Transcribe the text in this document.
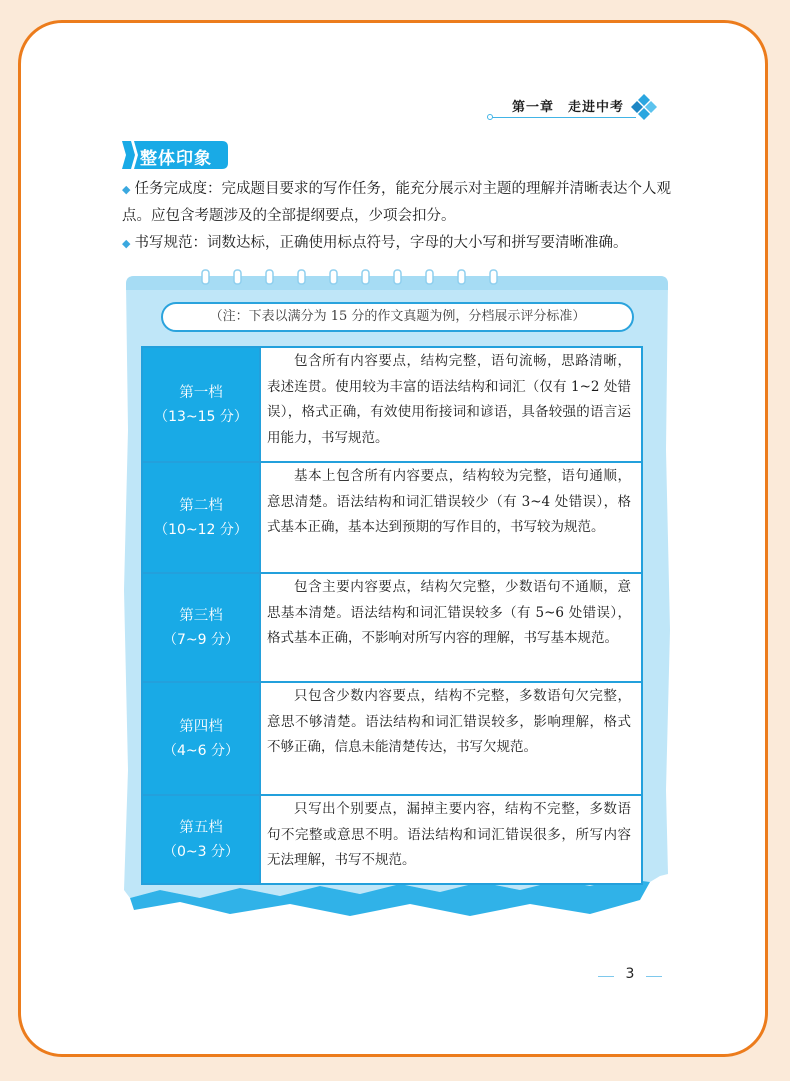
第一章　走进中考
整体印象
◆ 任务完成度：完成题目要求的写作任务，能充分展示对主题的理解并清晰表达个人观点。应包含考题涉及的全部提纲要点，少项会扣分。
◆ 书写规范：词数达标，正确使用标点符号，字母的大小写和拼写要清晰准确。
（注：下表以满分为 15 分的作文真题为例，分档展示评分标准）
第一档
（13~15 分）

包含所有内容要点，结构完整，语句流畅，思路清晰，表述连贯。使用较为丰富的语法结构和词汇（仅有 1~2 处错误），格式正确，有效使用衔接词和谚语，具备较强的语言运用能力，书写规范。

第二档
（10~12 分）

基本上包含所有内容要点，结构较为完整，语句通顺，意思清楚。语法结构和词汇错误较少（有 3~4 处错误），格式基本正确，基本达到预期的写作目的，书写较为规范。

第三档
（7~9 分）

包含主要内容要点，结构欠完整，少数语句不通顺，意思基本清楚。语法结构和词汇错误较多（有 5~6 处错误），格式基本正确，不影响对所写内容的理解，书写基本规范。

第四档
（4~6 分）

只包含少数内容要点，结构不完整，多数语句欠完整，意思不够清楚。语法结构和词汇错误较多，影响理解，格式不够正确，信息未能清楚传达，书写欠规范。

第五档
（0~3 分）

只写出个别要点，漏掉主要内容，结构不完整，多数语句不完整或意思不明。语法结构和词汇错误很多，所写内容无法理解，书写不规范。

3
